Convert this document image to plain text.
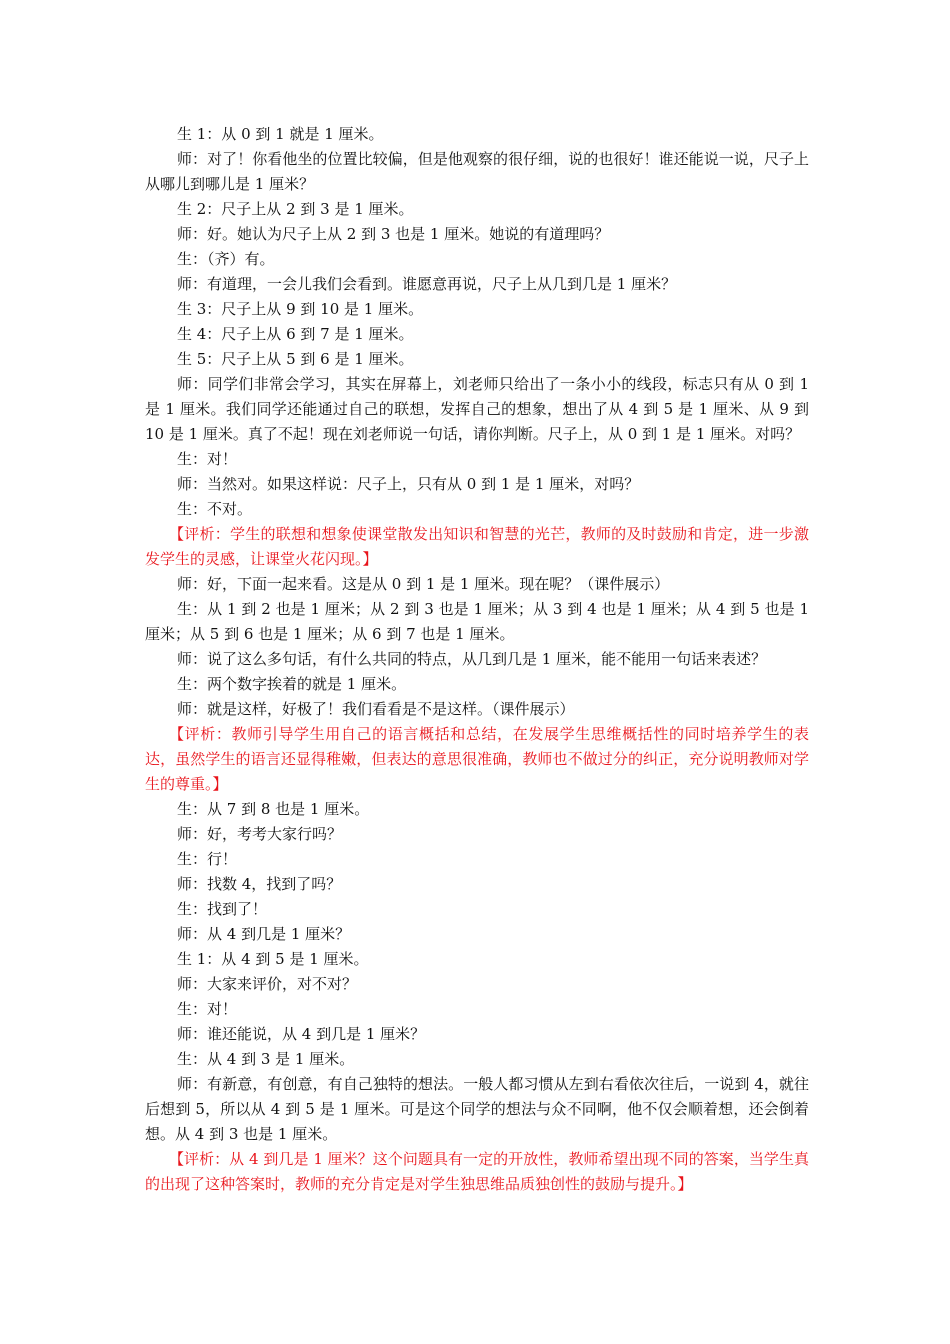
生 1：从 0 到 1 就是 1 厘米。

师：对了！你看他坐的位置比较偏，但是他观察的很仔细，说的也很好！谁还能说一说，尺子上从哪儿到哪儿是 1 厘米？

生 2：尺子上从 2 到 3 是 1 厘米。

师：好。她认为尺子上从 2 到 3 也是 1 厘米。她说的有道理吗？

生：（齐）有。

师：有道理，一会儿我们会看到。谁愿意再说，尺子上从几到几是 1 厘米？

生 3：尺子上从 9 到 10 是 1 厘米。

生 4：尺子上从 6 到 7 是 1 厘米。

生 5：尺子上从 5 到 6 是 1 厘米。

师：同学们非常会学习，其实在屏幕上，刘老师只给出了一条小小的线段，标志只有从 0 到 1 是 1 厘米。我们同学还能通过自己的联想，发挥自己的想象，想出了从 4 到 5 是 1 厘米、从 9 到 10 是 1 厘米。真了不起！现在刘老师说一句话，请你判断。尺子上，从 0 到 1 是 1 厘米。对吗？

生：对！

师：当然对。如果这样说：尺子上，只有从 0 到 1 是 1 厘米，对吗？

生：不对。

【评析：学生的联想和想象使课堂散发出知识和智慧的光芒，教师的及时鼓励和肯定，进一步激发学生的灵感，让课堂火花闪现。】

师：好，下面一起来看。这是从 0 到 1 是 1 厘米。现在呢？（课件展示）

生：从 1 到 2 也是 1 厘米；从 2 到 3 也是 1 厘米；从 3 到 4 也是 1 厘米；从 4 到 5 也是 1 厘米；从 5 到 6 也是 1 厘米；从 6 到 7 也是 1 厘米。

师：说了这么多句话，有什么共同的特点，从几到几是 1 厘米，能不能用一句话来表述？

生：两个数字挨着的就是 1 厘米。

师：就是这样，好极了！我们看看是不是这样。（课件展示）

【评析：教师引导学生用自己的语言概括和总结，在发展学生思维概括性的同时培养学生的表达，虽然学生的语言还显得稚嫩，但表达的意思很准确，教师也不做过分的纠正，充分说明教师对学生的尊重。】

生：从 7 到 8 也是 1 厘米。

师：好，考考大家行吗？

生：行！

师：找数 4，找到了吗？

生：找到了！

师：从 4 到几是 1 厘米？

生 1：从 4 到 5 是 1 厘米。

师：大家来评价，对不对？

生：对！

师：谁还能说，从 4 到几是 1 厘米？

生：从 4 到 3 是 1 厘米。

师：有新意，有创意，有自己独特的想法。一般人都习惯从左到右看依次往后，一说到 4，就往后想到 5，所以从 4 到 5 是 1 厘米。可是这个同学的想法与众不同啊，他不仅会顺着想，还会倒着想。从 4 到 3 也是 1 厘米。

【评析：从 4 到几是 1 厘米？这个问题具有一定的开放性，教师希望出现不同的答案，当学生真的出现了这种答案时，教师的充分肯定是对学生独思维品质独创性的鼓励与提升。】
